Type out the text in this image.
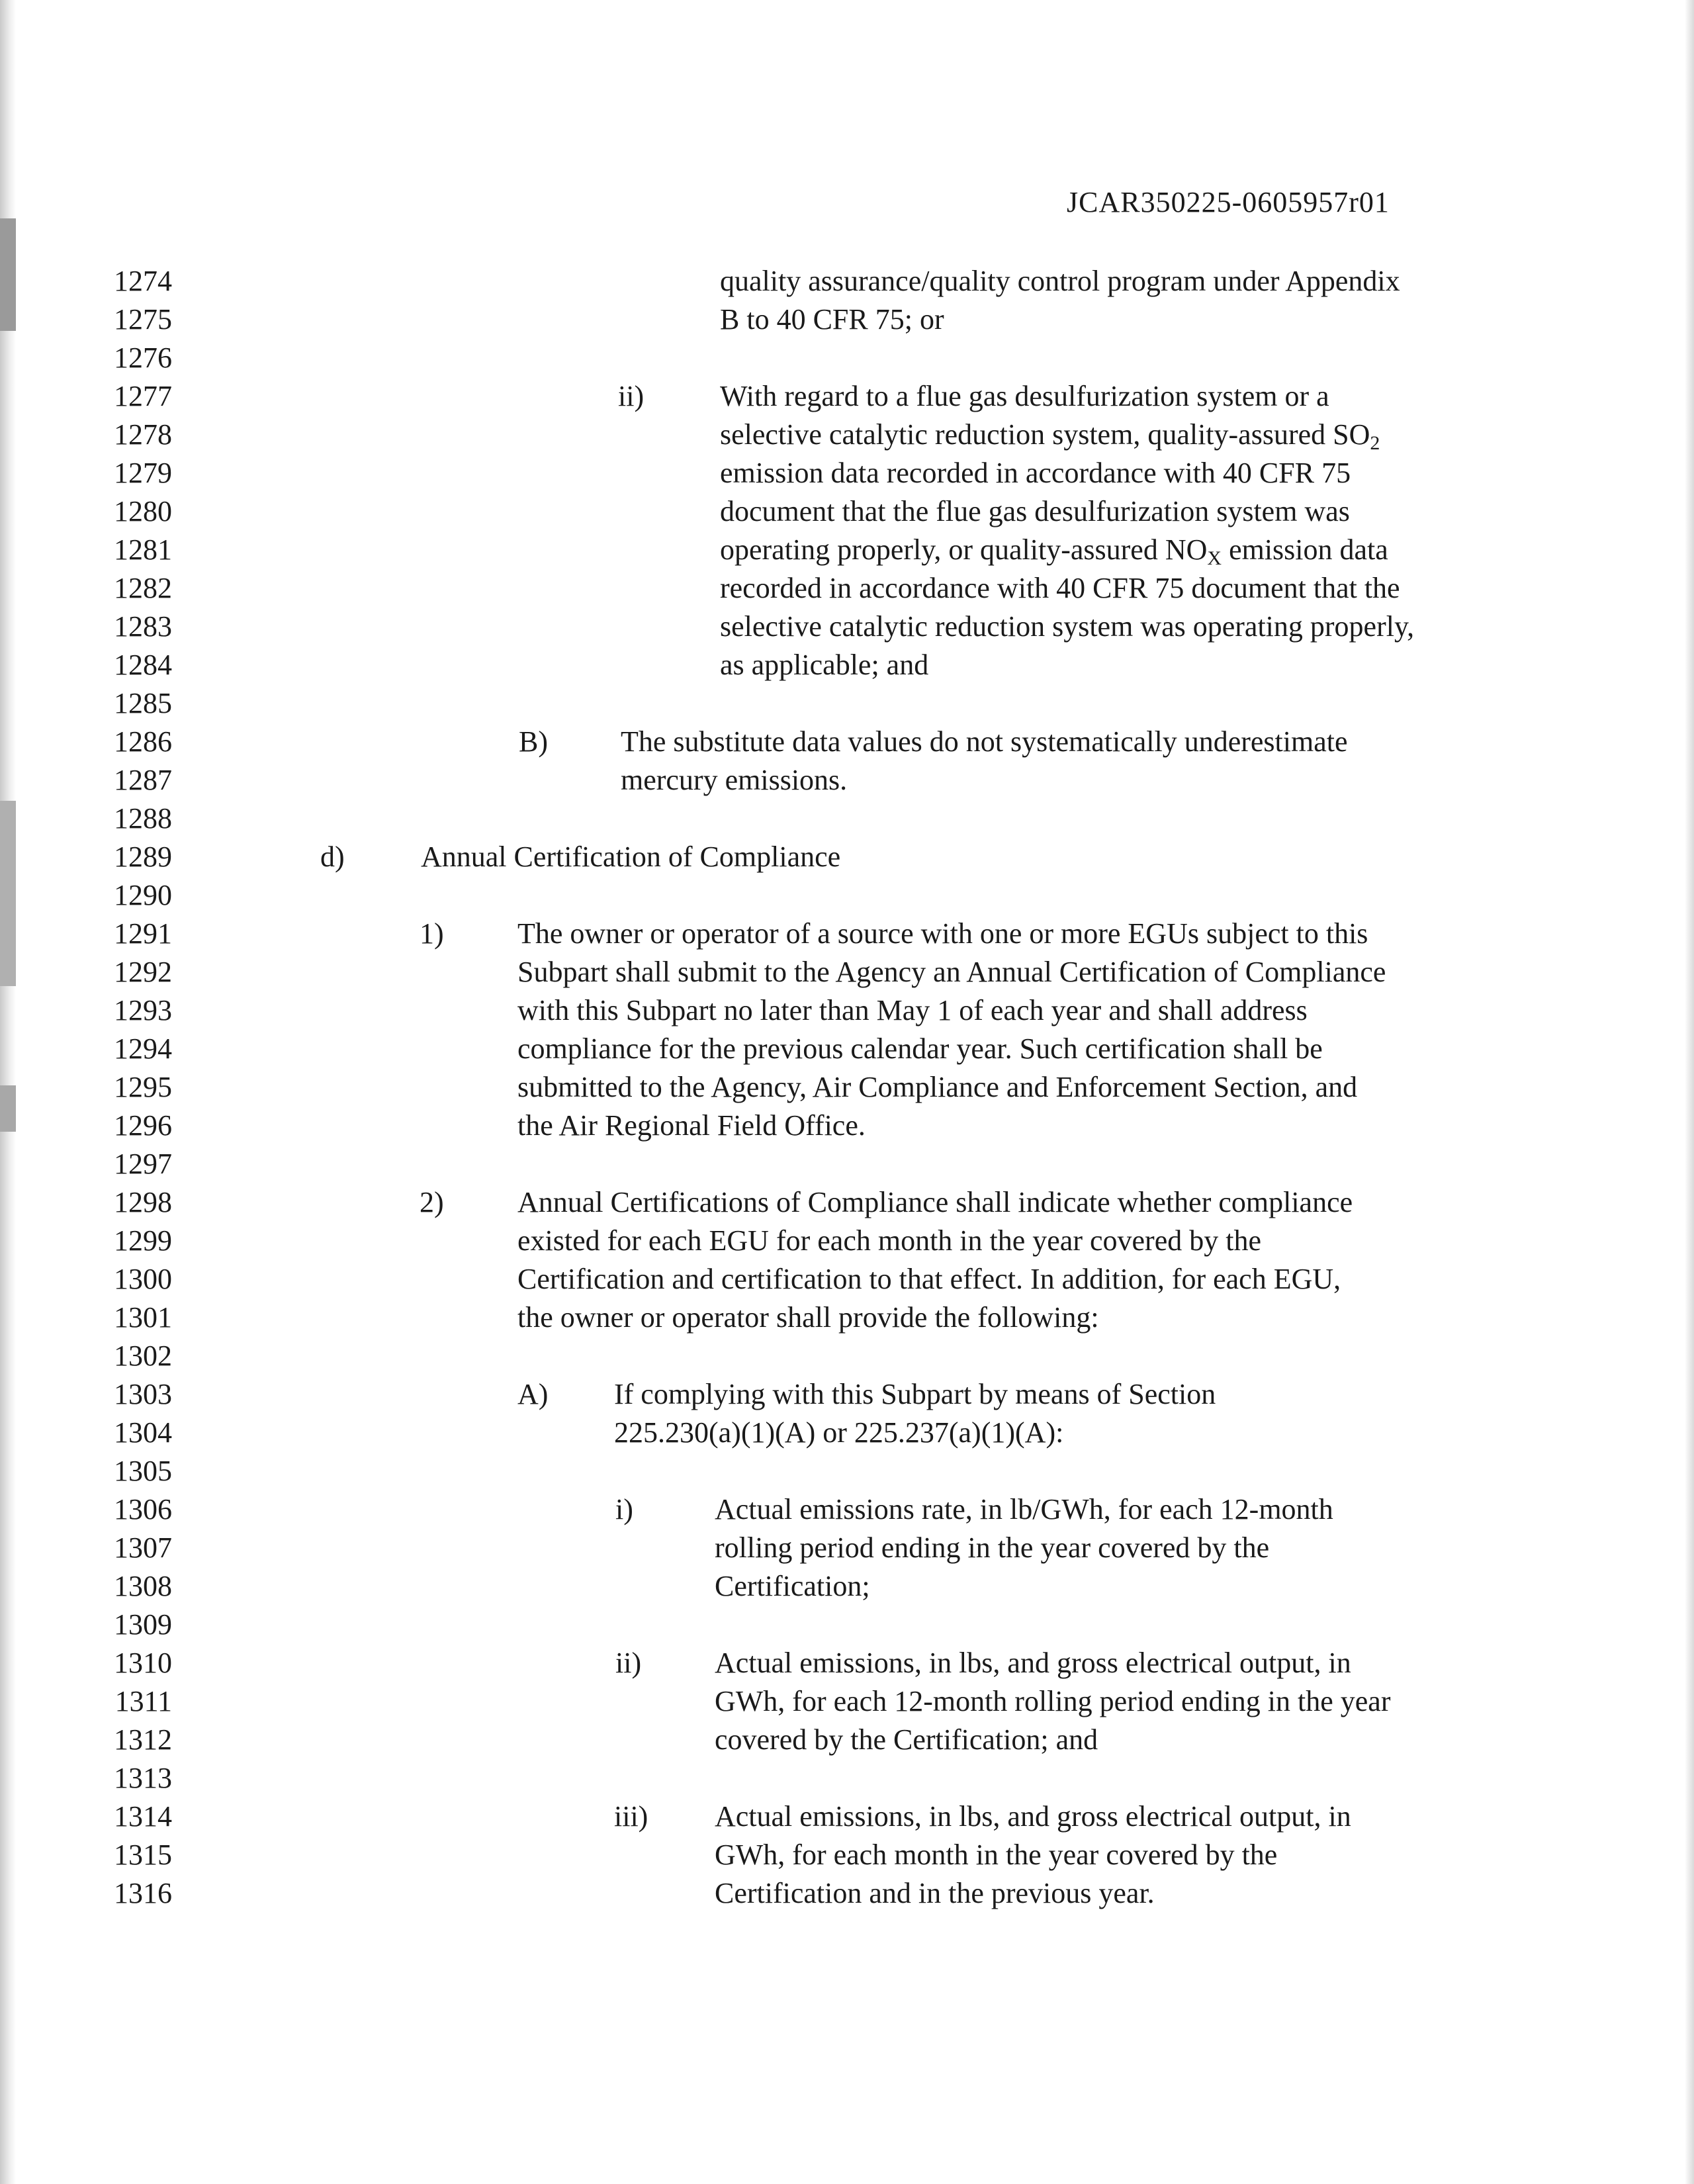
JCAR350225-0605957r01
1274
1275
1276
1277
1278
1279
1280
1281
1282
1283
1284
1285
1286
1287
1288
1289
1290
1291
1292
1293
1294
1295
1296
1297
1298
1299
1300
1301
1302
1303
1304
1305
1306
1307
1308
1309
1310
1311
1312
1313
1314
1315
1316
quality assurance/quality control program under Appendix
B to 40 CFR 75; or
ii)	With regard to a flue gas desulfurization system or a
selective catalytic reduction system, quality-assured $SO_2$
emission data recorded in accordance with 40 CFR 75
document that the flue gas desulfurization system was
operating properly, or quality-assured $NO_X$ emission data
recorded in accordance with 40 CFR 75 document that the
selective catalytic reduction system was operating properly,
as applicable; and
B)	The substitute data values do not systematically underestimate
mercury emissions.
d)	Annual Certification of Compliance
1)	The owner or operator of a source with one or more EGUs subject to this
Subpart shall submit to the Agency an Annual Certification of Compliance
with this Subpart no later than May 1 of each year and shall address
compliance for the previous calendar year. Such certification shall be
submitted to the Agency, Air Compliance and Enforcement Section, and
the Air Regional Field Office.
2)	Annual Certifications of Compliance shall indicate whether compliance
existed for each EGU for each month in the year covered by the
Certification and certification to that effect. In addition, for each EGU,
the owner or operator shall provide the following:
A) If complying with this Subpart by means of Section
225.230(a)(1)(A) or 225.237(a)(1)(A):
i)	Actual emissions rate, in lb/GWh, for each 12-month
rolling period ending in the year covered by the
Certification;
ii)	Actual emissions, in lbs, and gross electrical output, in
GWh, for each 12-month rolling period ending in the year
covered by the Certification; and
iii) Actual emissions, in lbs, and gross electrical output, in
GWh, for each month in the year covered by the
Certification and in the previous year.
